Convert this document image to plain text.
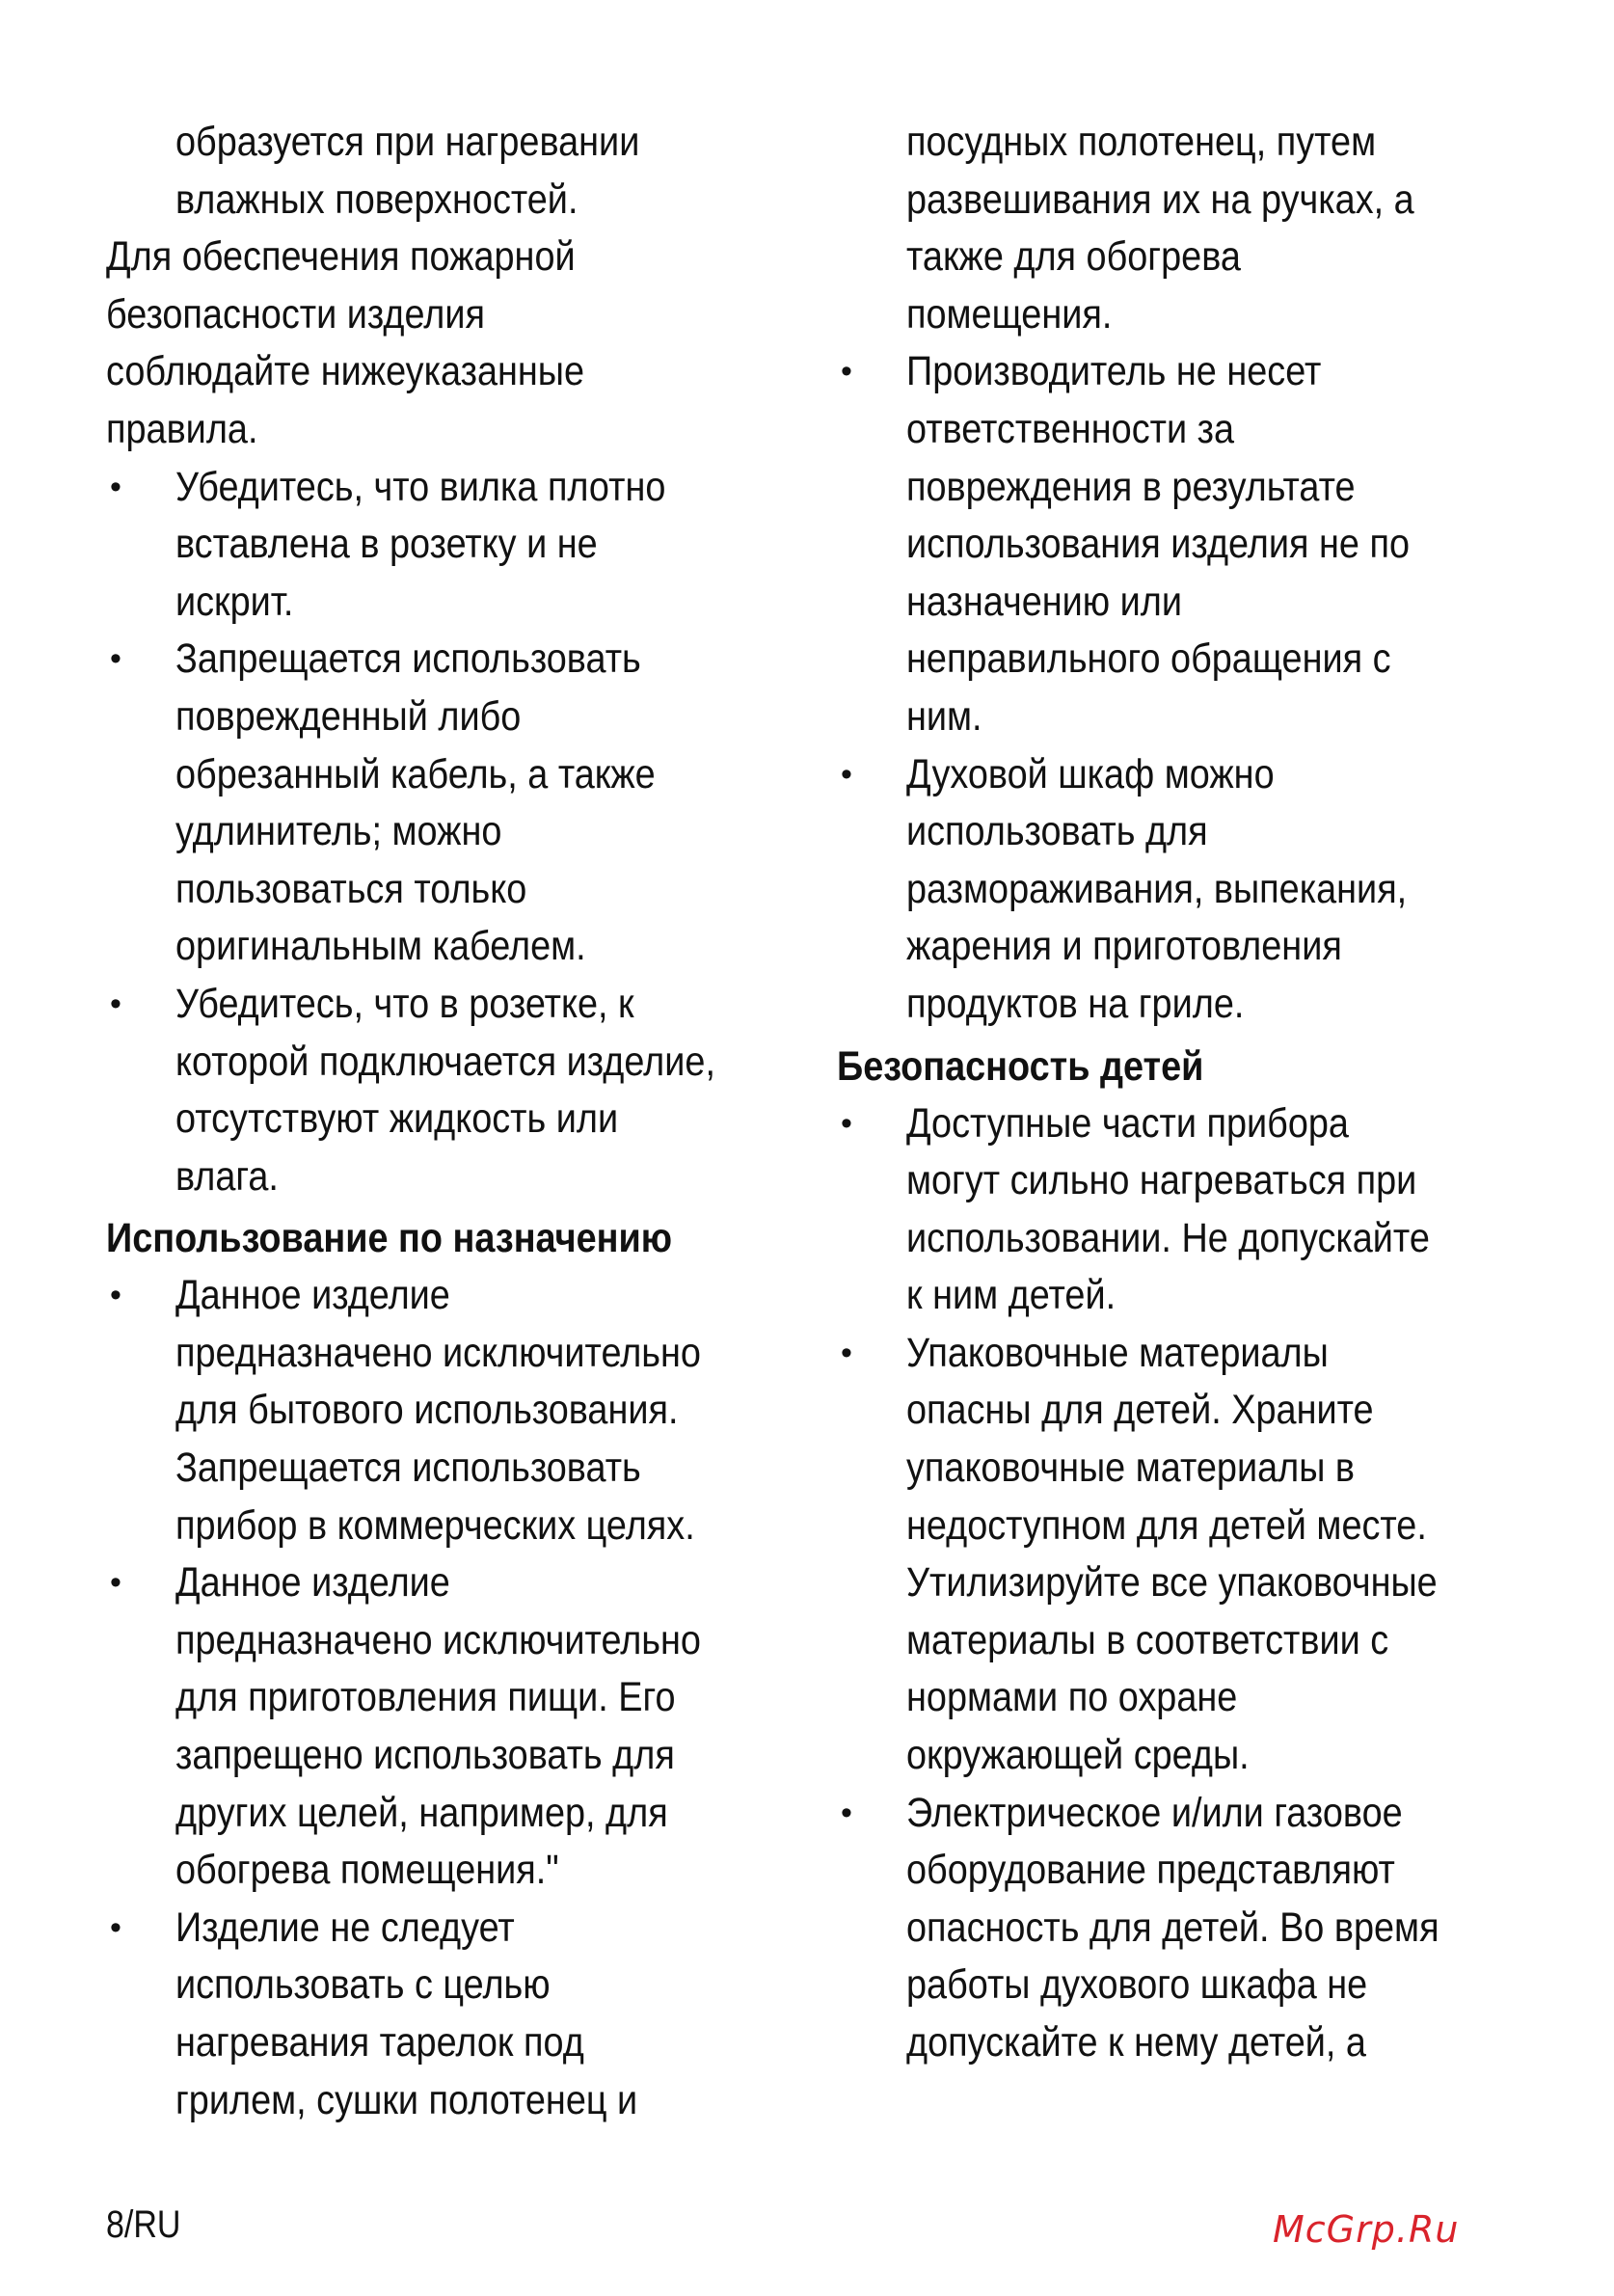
образуется при нагревании
влажных поверхностей.
Для обеспечения пожарной
безопасности изделия
соблюдайте нижеуказанные
правила.
• Убедитесь, что вилка плотно
вставлена в розетку и не
искрит.
• Запрещается использовать
поврежденный либо
обрезанный кабель, а также
удлинитель; можно
пользоваться только
оригинальным кабелем.
• Убедитесь, что в розетке, к
которой подключается изделие,
отсутствуют жидкость или
влага.
Использование по назначению
• Данное изделие
предназначено исключительно
для бытового использования.
Запрещается использовать
прибор в коммерческих целях.
• Данное изделие
предназначено исключительно
для приготовления пищи. Его
запрещено использовать для
других целей, например, для
обогрева помещения."
• Изделие не следует
использовать с целью
нагревания тарелок под
грилем, сушки полотенец и
посудных полотенец, путем
развешивания их на ручках, а
также для обогрева
помещения.
• Производитель не несет
ответственности за
повреждения в результате
использования изделия не по
назначению или
неправильного обращения с
ним.
• Духовой шкаф можно
использовать для
размораживания, выпекания,
жарения и приготовления
продуктов на гриле.
Безопасность детей
• Доступные части прибора
могут сильно нагреваться при
использовании. Не допускайте
к ним детей.
• Упаковочные материалы
опасны для детей. Храните
упаковочные материалы в
недоступном для детей месте.
Утилизируйте все упаковочные
материалы в соответствии с
нормами по охране
окружающей среды.
• Электрическое и/или газовое
оборудование представляют
опасность для детей. Во время
работы духового шкафа не
допускайте к нему детей, а
McGrp.Ru
8/RU
